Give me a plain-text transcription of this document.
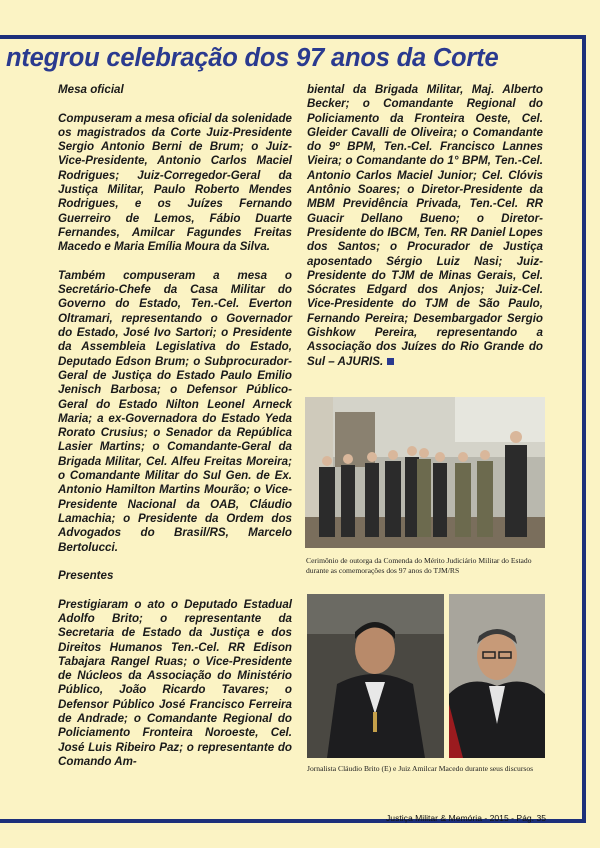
ntegrou celebração dos 97 anos da Corte
Mesa oficial

Compuseram a mesa oficial da solenidade os magistrados da Corte Juiz-Presidente Sergio Antonio Berni de Brum; o Juiz-Vice-Presidente, Antonio Carlos Maciel Rodrigues; Juiz-Corregedor-Geral da Justiça Militar, Paulo Roberto Mendes Rodrigues, e os Juízes Fernando Guerreiro de Lemos, Fábio Duarte Fernandes, Amilcar Fagundes Freitas Macedo e Maria Emília Moura da Silva.

Também compuseram a mesa o Secretário-Chefe da Casa Militar do Governo do Estado, Ten.-Cel. Everton Oltramari, representando o Governador do Estado, José Ivo Sartori; o Presidente da Assembleia Legislativa do Estado, Deputado Edson Brum; o Subprocurador-Geral de Justiça do Estado Paulo Emilio Jenisch Barbosa; o Defensor Público-Geral do Estado Nilton Leonel Arneck Maria; a ex-Governadora do Estado Yeda Rorato Crusius; o Senador da República Lasier Martins; o Comandante-Geral da Brigada Militar, Cel. Alfeu Freitas Moreira; o Comandante Militar do Sul Gen. de Ex. Antonio Hamilton Martins Mourão; o Vice-Presidente Nacional da OAB, Cláudio Lamachia; o Presidente da Ordem dos Advogados do Brasil/RS, Marcelo Bertolucci.

Presentes

Prestigiaram o ato o Deputado Estadual Adolfo Brito; o representante da Secretaria de Estado da Justiça e dos Direitos Humanos Ten.-Cel. RR Edison Tabajara Rangel Ruas; o Vice-Presidente de Núcleos da Associação do Ministério Público, João Ricardo Tavares; o Defensor Público José Francisco Ferreira de Andrade; o Comandante Regional do Policiamento Fronteira Noroeste, Cel. José Luis Ribeiro Paz; o representante do Comando Am-

biental da Brigada Militar, Maj. Alberto Becker; o Comandante Regional do Policiamento da Fronteira Oeste, Cel. Gleider Cavalli de Oliveira; o Comandante do 9º BPM, Ten.-Cel. Francisco Lannes Vieira; o Comandante do 1° BPM, Ten.-Cel. Antonio Carlos Maciel Junior; Cel. Clóvis Antônio Soares; o Diretor-Presidente da MBM Previdência Privada, Ten.-Cel. RR Guacir Dellano Bueno; o Diretor-Presidente do IBCM, Ten. RR Daniel Lopes dos Santos; o Procurador de Justiça aposentado Sérgio Luiz Nasi; Juiz-Presidente do TJM de Minas Gerais, Cel. Sócrates Edgard dos Anjos; Juiz-Cel. Vice-Presidente do TJM de São Paulo, Fernando Pereira; Desembargador Sergio Gishkow Pereira, representando a Associação dos Juízes do Rio Grande do Sul – AJURIS.

Cerimônio de outorga da Comenda do Mérito Judiciário Militar do Estado durante as comemorações dos 97 anos do TJM/RS
Jornalista Cláudio Brito (E) e Juiz Amilcar Macedo durante seus discursos
Justiça Militar & Memória - 2015 - Pág. 35
